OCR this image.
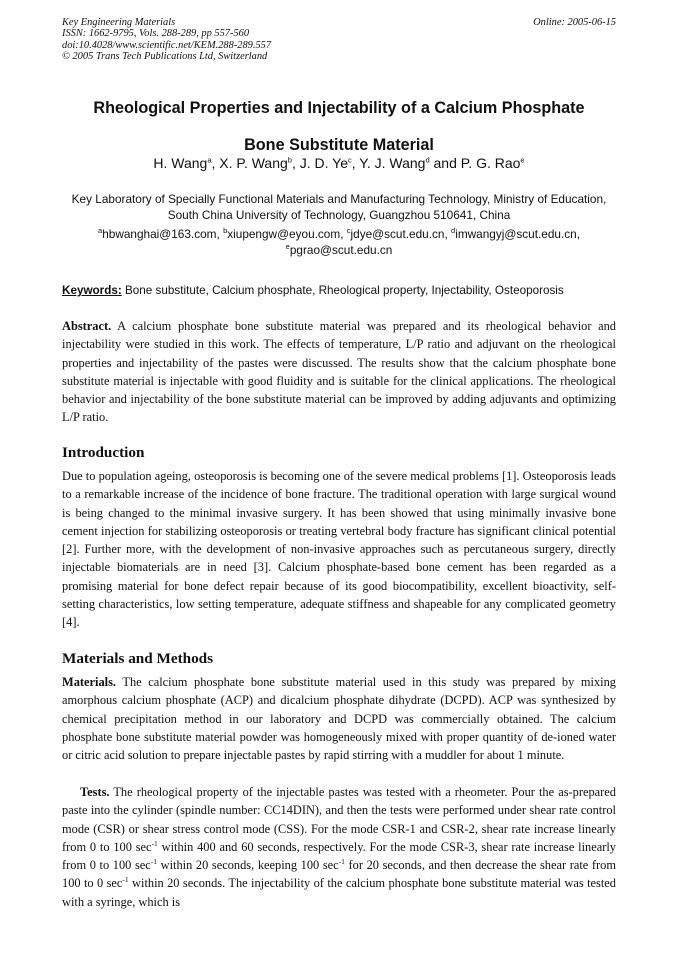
Key Engineering Materials
ISSN: 1662-9795, Vols. 288-289, pp 557-560
doi:10.4028/www.scientific.net/KEM.288-289.557
© 2005 Trans Tech Publications Ltd, Switzerland
Online: 2005-06-15
Rheological Properties and Injectability of a Calcium Phosphate
Bone Substitute Material
H. Wang$^a$, X. P. Wang$^b$, J. D. Ye$^c$, Y. J. Wang$^d$ and P. G. Rao$^e$
Key Laboratory of Specially Functional Materials and Manufacturing Technology, Ministry of Education, South China University of Technology, Guangzhou 510641, China
$^a$hbwanghai@163.com, $^b$xiupengw@eyou.com, $^c$jdye@scut.edu.cn, $^d$imwangyj@scut.edu.cn, $^e$pgrao@scut.edu.cn
Keywords: Bone substitute, Calcium phosphate, Rheological property, Injectability, Osteoporosis
Abstract. A calcium phosphate bone substitute material was prepared and its rheological behavior and injectability were studied in this work. The effects of temperature, L/P ratio and adjuvant on the rheological properties and injectability of the pastes were discussed. The results show that the calcium phosphate bone substitute material is injectable with good fluidity and is suitable for the clinical applications. The rheological behavior and injectability of the bone substitute material can be improved by adding adjuvants and optimizing L/P ratio.
Introduction
Due to population ageing, osteoporosis is becoming one of the severe medical problems [1]. Osteoporosis leads to a remarkable increase of the incidence of bone fracture. The traditional operation with large surgical wound is being changed to the minimal invasive surgery. It has been showed that using minimally invasive bone cement injection for stabilizing osteoporosis or treating vertebral body fracture has significant clinical potential [2]. Further more, with the development of non-invasive approaches such as percutaneous surgery, directly injectable biomaterials are in need [3]. Calcium phosphate-based bone cement has been regarded as a promising material for bone defect repair because of its good biocompatibility, excellent bioactivity, self-setting characteristics, low setting temperature, adequate stiffness and shapeable for any complicated geometry [4].
Materials and Methods
Materials. The calcium phosphate bone substitute material used in this study was prepared by mixing amorphous calcium phosphate (ACP) and dicalcium phosphate dihydrate (DCPD). ACP was synthesized by chemical precipitation method in our laboratory and DCPD was commercially obtained. The calcium phosphate bone substitute material powder was homogeneously mixed with proper quantity of de-ioned water or citric acid solution to prepare injectable pastes by rapid stirring with a muddler for about 1 minute.

Tests. The rheological property of the injectable pastes was tested with a rheometer. Pour the as-prepared paste into the cylinder (spindle number: CC14DIN), and then the tests were performed under shear rate control mode (CSR) or shear stress control mode (CSS). For the mode CSR-1 and CSR-2, shear rate increase linearly from 0 to 100 $\sec^{-1}$ within 400 and 60 seconds, respectively. For the mode CSR-3, shear rate increase linearly from 0 to 100 $\sec^{-1}$ within 20 seconds, keeping 100 $\sec^{-1}$ for 20 seconds, and then decrease the shear rate from 100 to 0 $\sec^{-1}$ within 20 seconds. The injectability of the calcium phosphate bone substitute material was tested with a syringe, which is
